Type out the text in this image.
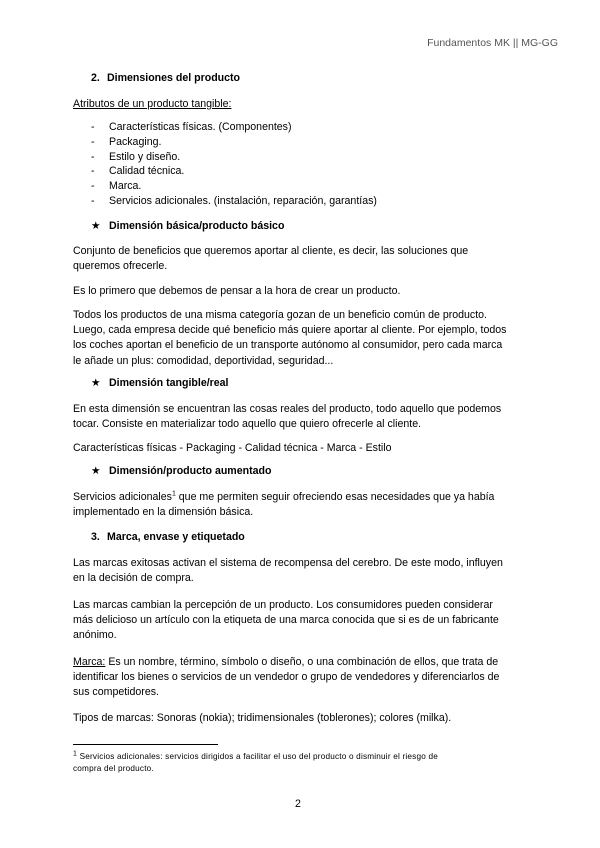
Fundamentos MK || MG-GG
2. Dimensiones del producto
Atributos de un producto tangible:
- Características físicas. (Componentes)
- Packaging.
- Estilo y diseño.
- Calidad técnica.
- Marca.
- Servicios adicionales. (instalación, reparación, garantías)
★ Dimensión básica/producto básico
Conjunto de beneficios que queremos aportar al cliente, es decir, las soluciones que
queremos ofrecerle.
Es lo primero que debemos de pensar a la hora de crear un producto.
Todos los productos de una misma categoría gozan de un beneficio común de producto.
Luego, cada empresa decide qué beneficio más quiere aportar al cliente. Por ejemplo, todos
los coches aportan el beneficio de un transporte autónomo al consumidor, pero cada marca
le añade un plus: comodidad, deportividad, seguridad...
★ Dimensión tangible/real
En esta dimensión se encuentran las cosas reales del producto, todo aquello que podemos
tocar. Consiste en materializar todo aquello que quiero ofrecerle al cliente.
Características físicas - Packaging - Calidad técnica - Marca - Estilo
★ Dimensión/producto aumentado
Servicios adicionales$^1$ que me permiten seguir ofreciendo esas necesidades que ya había
implementado en la dimensión básica.
3. Marca, envase y etiquetado
Las marcas exitosas activan el sistema de recompensa del cerebro. De este modo, influyen
en la decisión de compra.
Las marcas cambian la percepción de un producto. Los consumidores pueden considerar
más delicioso un artículo con la etiqueta de una marca conocida que si es de un fabricante
anónimo.
Marca: Es un nombre, término, símbolo o diseño, o una combinación de ellos, que trata de
identificar los bienes o servicios de un vendedor o grupo de vendedores y diferenciarlos de
sus competidores.
Tipos de marcas: Sonoras (nokia); tridimensionales (toblerones); colores (milka).
$^1$ Servicios adicionales: servicios dirigidos a facilitar el uso del producto o disminuir el riesgo de
compra del producto.
2
